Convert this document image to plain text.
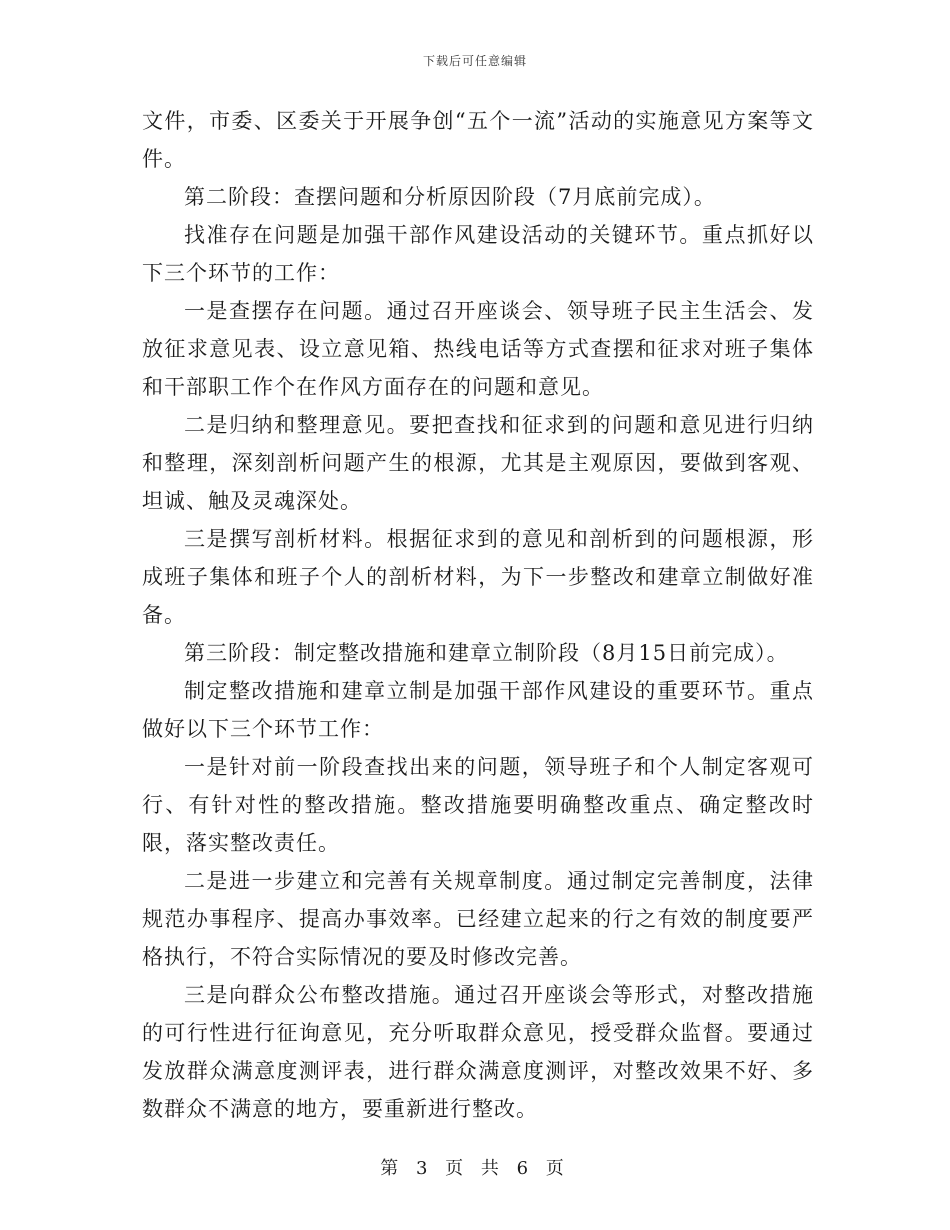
下载后可任意编辑

文件，市委、区委关于开展争创“五个一流”活动的实施意见方案等文件。

第二阶段：查摆问题和分析原因阶段（7月底前完成）。

找准存在问题是加强干部作风建设活动的关键环节。重点抓好以下三个环节的工作：

一是查摆存在问题。通过召开座谈会、领导班子民主生活会、发放征求意见表、设立意见箱、热线电话等方式查摆和征求对班子集体和干部职工作个在作风方面存在的问题和意见。

二是归纳和整理意见。要把查找和征求到的问题和意见进行归纳和整理，深刻剖析问题产生的根源，尤其是主观原因，要做到客观、坦诚、触及灵魂深处。

三是撰写剖析材料。根据征求到的意见和剖析到的问题根源，形成班子集体和班子个人的剖析材料，为下一步整改和建章立制做好准备。

第三阶段：制定整改措施和建章立制阶段（8月15日前完成）。

制定整改措施和建章立制是加强干部作风建设的重要环节。重点做好以下三个环节工作：

一是针对前一阶段查找出来的问题，领导班子和个人制定客观可行、有针对性的整改措施。整改措施要明确整改重点、确定整改时限，落实整改责任。

二是进一步建立和完善有关规章制度。通过制定完善制度，法律规范办事程序、提高办事效率。已经建立起来的行之有效的制度要严格执行，不符合实际情况的要及时修改完善。

三是向群众公布整改措施。通过召开座谈会等形式，对整改措施的可行性进行征询意见，充分听取群众意见，授受群众监督。要通过发放群众满意度测评表，进行群众满意度测评，对整改效果不好、多数群众不满意的地方，要重新进行整改。

第 3 页 共 6 页
